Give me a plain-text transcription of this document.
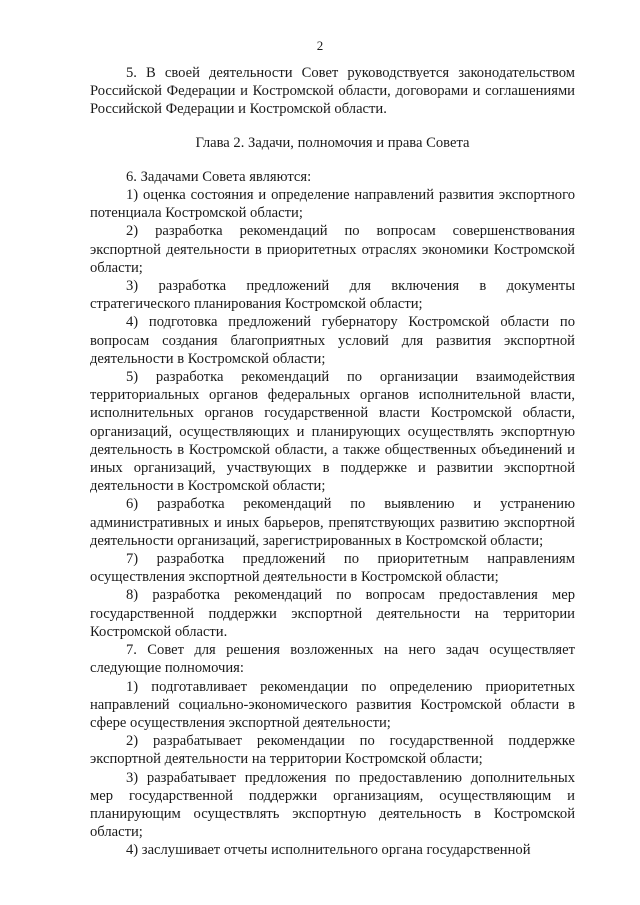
2

5. В своей деятельности Совет руководствуется законодательством Российской Федерации и Костромской области, договорами и соглашениями Российской Федерации и Костромской области.

Глава 2. Задачи, полномочия и права Совета

6. Задачами Совета являются:

1) оценка состояния и определение направлений развития экспортного потенциала Костромской области;

2) разработка рекомендаций по вопросам совершенствования экспортной деятельности в приоритетных отраслях экономики Костромской области;

3) разработка предложений для включения в документы стратегического планирования Костромской области;

4) подготовка предложений губернатору Костромской области по вопросам создания благоприятных условий для развития экспортной деятельности в Костромской области;

5) разработка рекомендаций по организации взаимодействия территориальных органов федеральных органов исполнительной власти, исполнительных органов государственной власти Костромской области, организаций, осуществляющих и планирующих осуществлять экспортную деятельность в Костромской области, а также общественных объединений и иных организаций, участвующих в поддержке и развитии экспортной деятельности в Костромской области;

6) разработка рекомендаций по выявлению и устранению административных и иных барьеров, препятствующих развитию экспортной деятельности организаций, зарегистрированных в Костромской области;

7) разработка предложений по приоритетным направлениям осуществления экспортной деятельности в Костромской области;

8) разработка рекомендаций по вопросам предоставления мер государственной поддержки экспортной деятельности на территории Костромской области.

7. Совет для решения возложенных на него задач осуществляет следующие полномочия:

1) подготавливает рекомендации по определению приоритетных направлений социально-экономического развития Костромской области в сфере осуществления экспортной деятельности;

2) разрабатывает рекомендации по государственной поддержке экспортной деятельности на территории Костромской области;

3) разрабатывает предложения по предоставлению дополнительных мер государственной поддержки организациям, осуществляющим и планирующим осуществлять экспортную деятельность в Костромской области;

4) заслушивает отчеты исполнительного органа государственной
